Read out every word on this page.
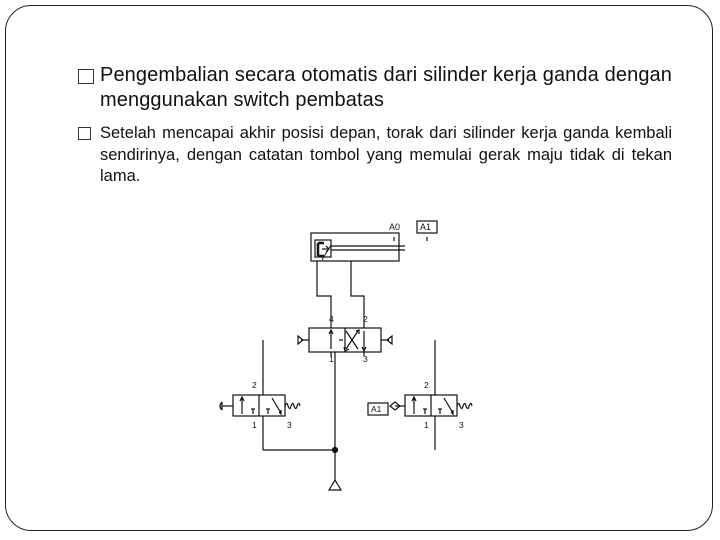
Pengembalian secara otomatis dari silinder kerja ganda dengan menggunakan switch pembatas
Setelah mencapai akhir posisi depan, torak dari silinder kerja ganda kembali sendirinya, dengan catatan tombol yang memulai gerak maju tidak di tekan lama.
A0 A1
4	2
1	3
2
1	3
2
1	3
A1
